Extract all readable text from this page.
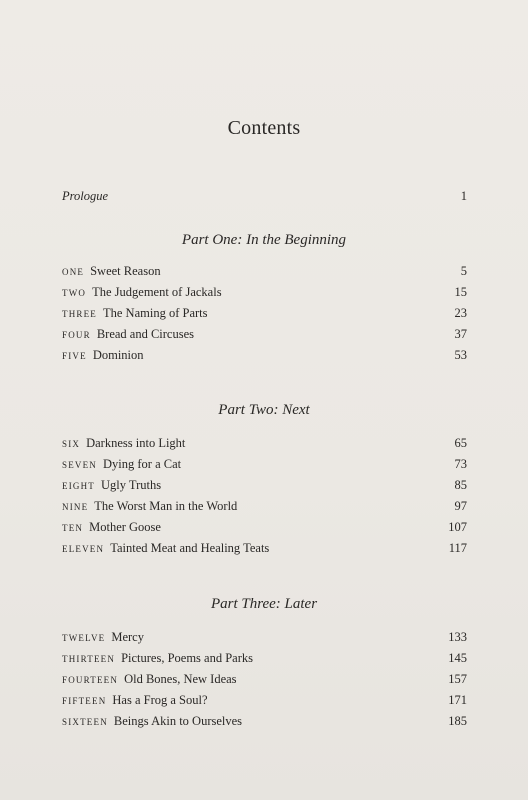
Contents
Prologue	1
Part One: In the Beginning
one Sweet Reason	5
two The Judgement of Jackals	15
three The Naming of Parts	23
four Bread and Circuses	37
five Dominion	53
Part Two: Next
six Darkness into Light	65
seven Dying for a Cat	73
eight Ugly Truths	85
nine The Worst Man in the World	97
ten Mother Goose	107
eleven Tainted Meat and Healing Teats	117
Part Three: Later
twelve Mercy	133
thirteen Pictures, Poems and Parks	145
fourteen Old Bones, New Ideas	157
fifteen Has a Frog a Soul?	171
sixteen Beings Akin to Ourselves	185
